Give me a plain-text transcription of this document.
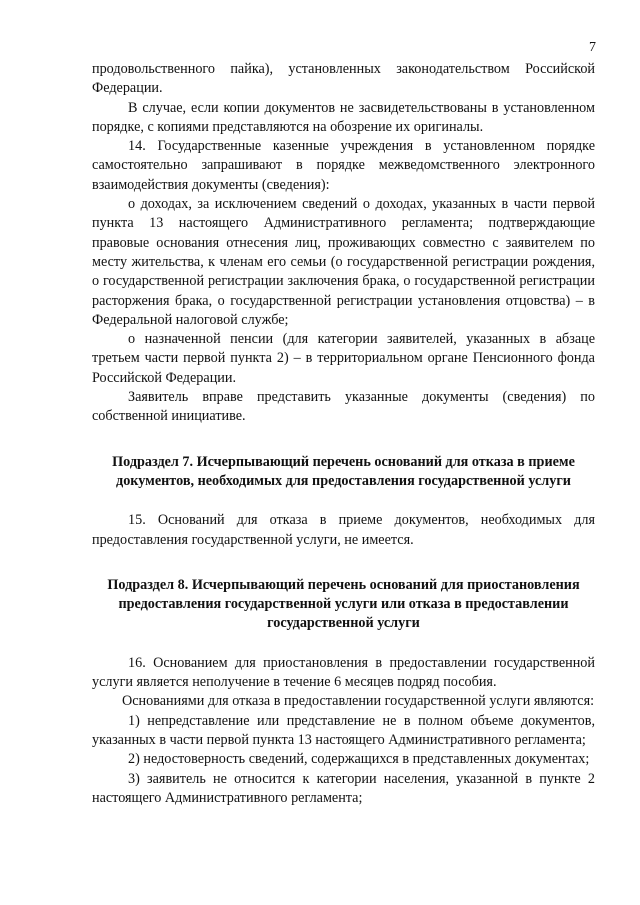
7

продовольственного пайка), установленных законодательством Российской Федерации.

В случае, если копии документов не засвидетельствованы в установленном порядке, с копиями представляются на обозрение их оригиналы.

14. Государственные казенные учреждения в установленном порядке самостоятельно запрашивают в порядке межведомственного электронного взаимодействия документы (сведения):

о доходах, за исключением сведений о доходах, указанных в части первой пункта 13 настоящего Административного регламента; подтверждающие правовые основания отнесения лиц, проживающих совместно с заявителем по месту жительства, к членам его семьи (о государственной регистрации рождения, о государственной регистрации заключения брака, о государственной регистрации расторжения брака, о государственной регистрации установления отцовства) – в Федеральной налоговой службе;

о назначенной пенсии (для категории заявителей, указанных в абзаце третьем части первой пункта 2) – в территориальном органе Пенсионного фонда Российской Федерации.

Заявитель вправе представить указанные документы (сведения) по собственной инициативе.

Подраздел 7. Исчерпывающий перечень оснований для отказа в приеме документов, необходимых для предоставления государственной услуги

15. Оснований для отказа в приеме документов, необходимых для предоставления государственной услуги, не имеется.

Подраздел 8. Исчерпывающий перечень оснований для приостановления предоставления государственной услуги или отказа в предоставлении государственной услуги

16. Основанием для приостановления в предоставлении государственной услуги является неполучение в течение 6 месяцев подряд пособия.

Основаниями для отказа в предоставлении государственной услуги являются:

1) непредставление или представление не в полном объеме документов, указанных в части первой пункта 13 настоящего Административного регламента;

2) недостоверность сведений, содержащихся в представленных документах;

3) заявитель не относится к категории населения, указанной в пункте 2 настоящего Административного регламента;
